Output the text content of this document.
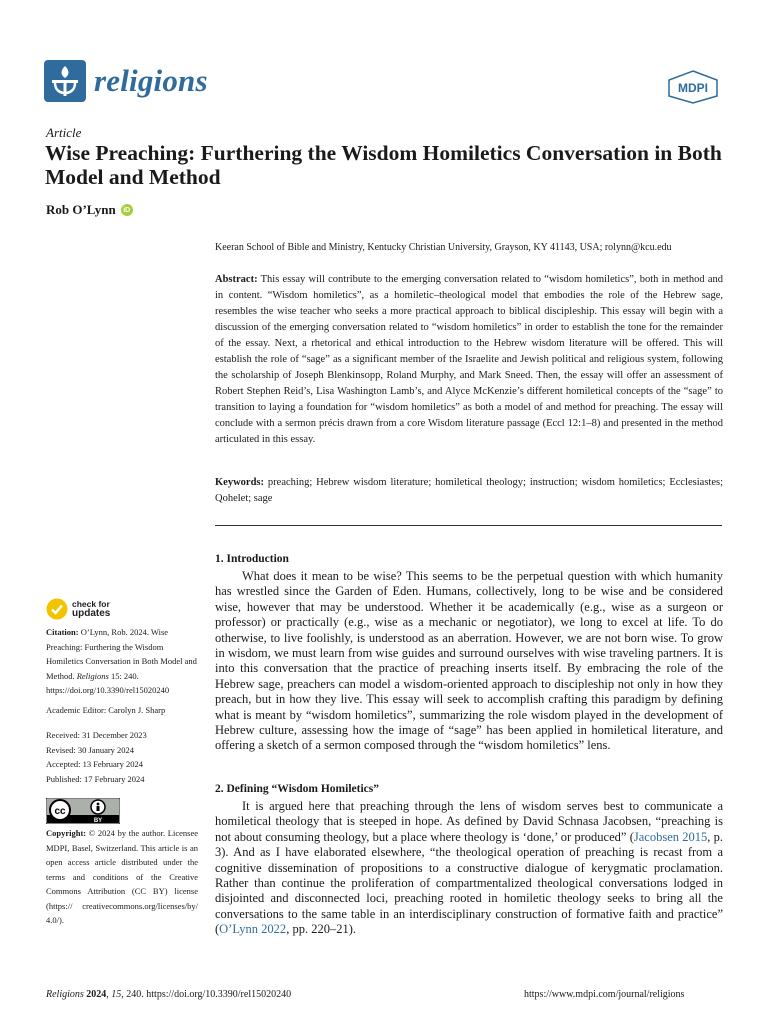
religions	MDPI
Article
Wise Preaching: Furthering the Wisdom Homiletics Conversation in Both Model and Method
Rob O’Lynn	iD
Keeran School of Bible and Ministry, Kentucky Christian University, Grayson, KY 41143, USA; rolynn@kcu.edu

Abstract: This essay will contribute to the emerging conversation related to “wisdom homiletics”, both in method and in content. “Wisdom homiletics”, as a homiletic–theological model that embodies the role of the Hebrew sage, resembles the wise teacher who seeks a more practical approach to biblical discipleship. This essay will begin with a discussion of the emerging conversation related to “wisdom homiletics” in order to establish the tone for the remainder of the essay. Next, a rhetorical and ethical introduction to the Hebrew wisdom literature will be offered. This will establish the role of “sage” as a significant member of the Israelite and Jewish political and religious system, following the scholarship of Joseph Blenkinsopp, Roland Murphy, and Mark Sneed. Then, the essay will offer an assessment of Robert Stephen Reid’s, Lisa Washington Lamb’s, and Alyce McKenzie’s different homiletical concepts of the “sage” to transition to laying a foundation for “wisdom homiletics” as both a model of and method for preaching. The essay will conclude with a sermon précis drawn from a core Wisdom literature passage (Eccl 12:1–8) and presented in the method articulated in this essay.

Keywords: preaching; Hebrew wisdom literature; homiletical theology; instruction; wisdom homiletics; Ecclesiastes; Qohelet; sage

1. Introduction

What does it mean to be wise? This seems to be the perpetual question with which humanity has wrestled since the Garden of Eden. Humans, collectively, long to be wise and be considered wise, however that may be understood. Whether it be academically (e.g., wise as a surgeon or professor) or practically (e.g., wise as a mechanic or negotiator), we long to excel at life. To do otherwise, to live foolishly, is understood as an aberration. However, we are not born wise. To grow in wisdom, we must learn from wise guides and surround ourselves with wise traveling partners. It is into this conversation that the practice of preaching inserts itself. By embracing the role of the Hebrew sage, preachers can model a wisdom-oriented approach to discipleship not only in how they preach, but in how they live. This essay will seek to accomplish crafting this paradigm by defining what is meant by “wisdom homiletics”, summarizing the role wisdom played in the development of Hebrew culture, assessing how the image of “sage” has been applied in homiletical literature, and offering a sketch of a sermon composed through the “wisdom homiletics” lens.

2. Defining “Wisdom Homiletics”

It is argued here that preaching through the lens of wisdom serves best to communicate a homiletical theology that is steeped in hope. As defined by David Schnasa Jacobsen, “preaching is not about consuming theology, but a place where theology is ‘done,’ or produced” (Jacobsen 2015, p. 3). And as I have elaborated elsewhere, “the theological operation of preaching is recast from a cognitive dissemination of propositions to a constructive dialogue of kerygmatic proclamation. Rather than continue the proliferation of compartmentalized theological conversations lodged in disjointed and disconnected loci, preaching rooted in homiletic theology seeks to bring all the conversations to the same table in an interdisciplinary construction of formative faith and practice” (O’Lynn 2022, pp. 220–21).

check for
updates
Citation: O’Lynn, Rob. 2024. Wise Preaching: Furthering the Wisdom Homiletics Conversation in Both Model and Method. Religions 15: 240. https://doi.org/10.3390/rel15020240
Academic Editor: Carolyn J. Sharp
Received: 31 December 2023
Revised: 30 January 2024
Accepted: 13 February 2024
Published: 17 February 2024
cc
BY
Copyright: © 2024 by the author. Licensee MDPI, Basel, Switzerland. This article is an open access article distributed under the terms and conditions of the Creative Commons Attribution (CC BY) license (https:// creativecommons.org/licenses/by/ 4.0/).
Religions 2024, 15, 240. https://doi.org/10.3390/rel15020240	https://www.mdpi.com/journal/religions
